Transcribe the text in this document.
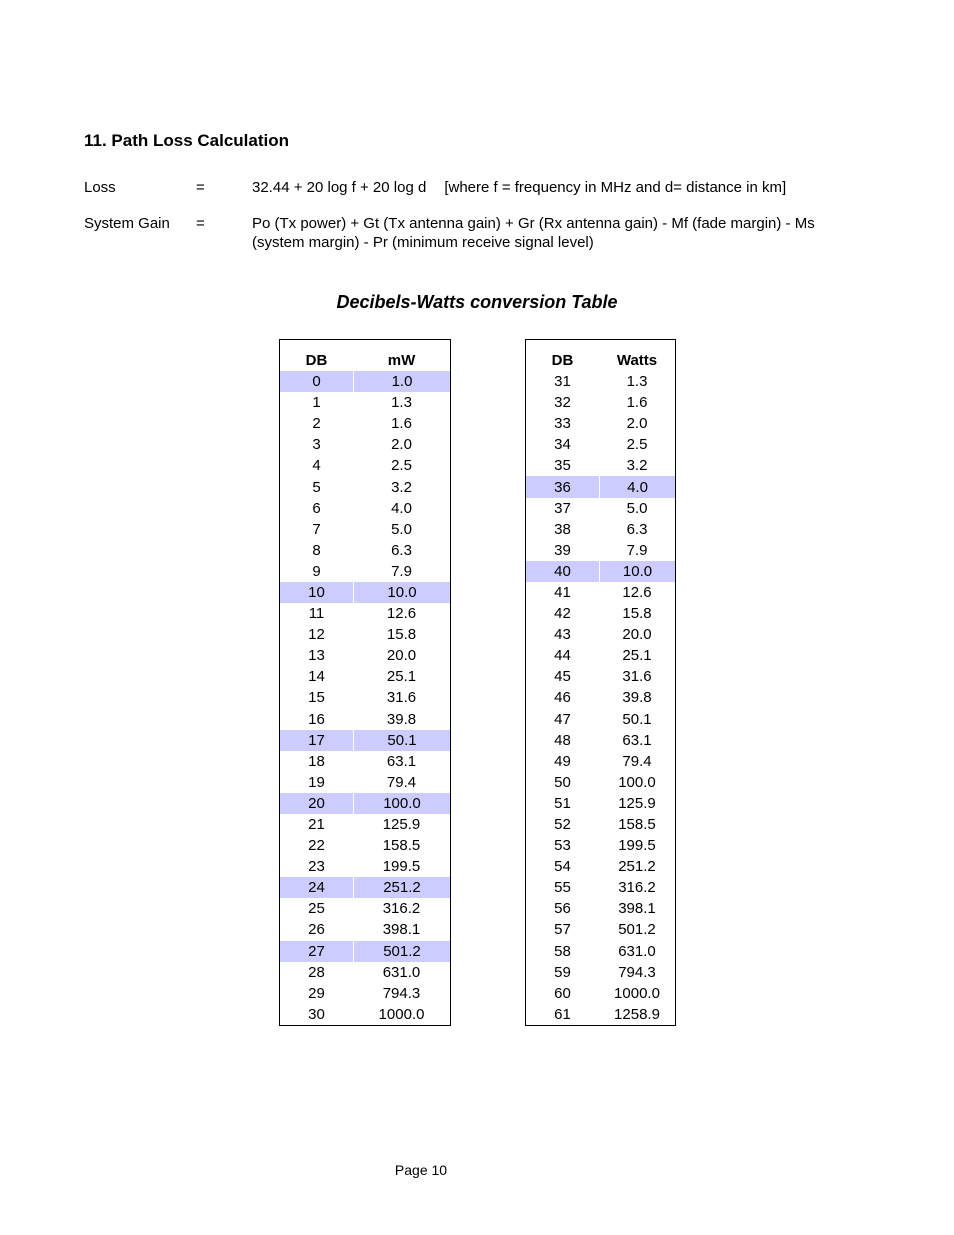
11. Path Loss Calculation
Loss	=	32.44 + 20 log f + 20 log d [where f = frequency in MHz and d= distance in km]
System Gain	=	Po (Tx power) + Gt (Tx antenna gain) + Gr (Rx antenna gain) - Mf (fade margin) - Ms (system margin) - Pr (minimum receive signal level)
Decibels-Watts conversion Table
DB	mW
0	1.0
1	1.3
2	1.6
3	2.0
4	2.5
5	3.2
6	4.0
7	5.0
8	6.3
9	7.9
10	10.0
11	12.6
12	15.8
13	20.0
14	25.1
15	31.6
16	39.8
17	50.1
18	63.1
19	79.4
20	100.0
21	125.9
22	158.5
23	199.5
24	251.2
25	316.2
26	398.1
27	501.2
28	631.0
29	794.3
30	1000.0
DB	Watts
31	1.3
32	1.6
33	2.0
34	2.5
35	3.2
36	4.0
37	5.0
38	6.3
39	7.9
40	10.0
41	12.6
42	15.8
43	20.0
44	25.1
45	31.6
46	39.8
47	50.1
48	63.1
49	79.4
50	100.0
51	125.9
52	158.5
53	199.5
54	251.2
55	316.2
56	398.1
57	501.2
58	631.0
59	794.3
60	1000.0
61	1258.9
Page 10
